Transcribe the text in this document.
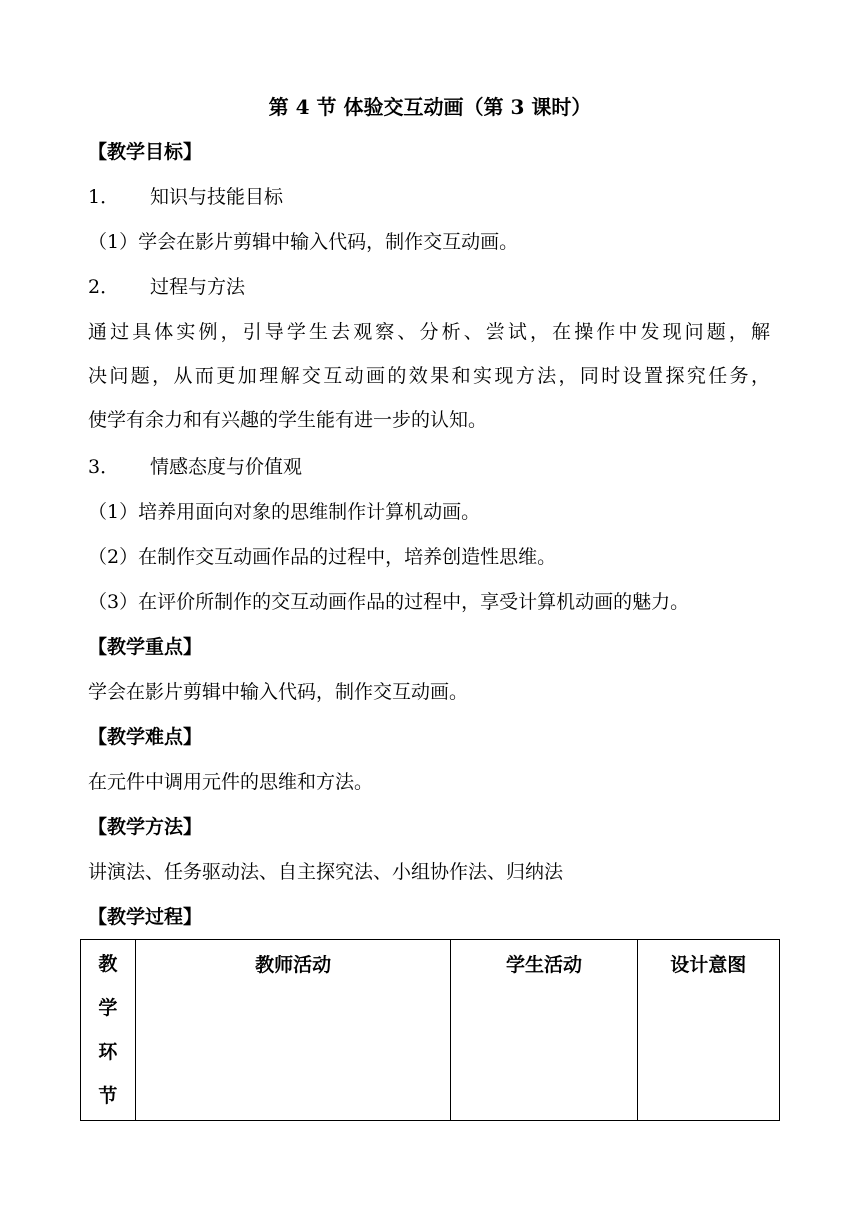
第 4 节 体验交互动画（第 3 课时）
【教学目标】
1． 知识与技能目标
（1）学会在影片剪辑中输入代码，制作交互动画。
2． 过程与方法
通过具体实例，引导学生去观察、分析、尝试，在操作中发现问题，解
决问题，从而更加理解交互动画的效果和实现方法，同时设置探究任务，
使学有余力和有兴趣的学生能有进一步的认知。
3． 情感态度与价值观
（1）培养用面向对象的思维制作计算机动画。
（2）在制作交互动画作品的过程中，培养创造性思维。
（3）在评价所制作的交互动画作品的过程中，享受计算机动画的魅力。
【教学重点】
学会在影片剪辑中输入代码，制作交互动画。
【教学难点】
在元件中调用元件的思维和方法。
【教学方法】
讲演法、任务驱动法、自主探究法、小组协作法、归纳法
【教学过程】
教
学
环
节
	教师活动	学生活动	设计意图
